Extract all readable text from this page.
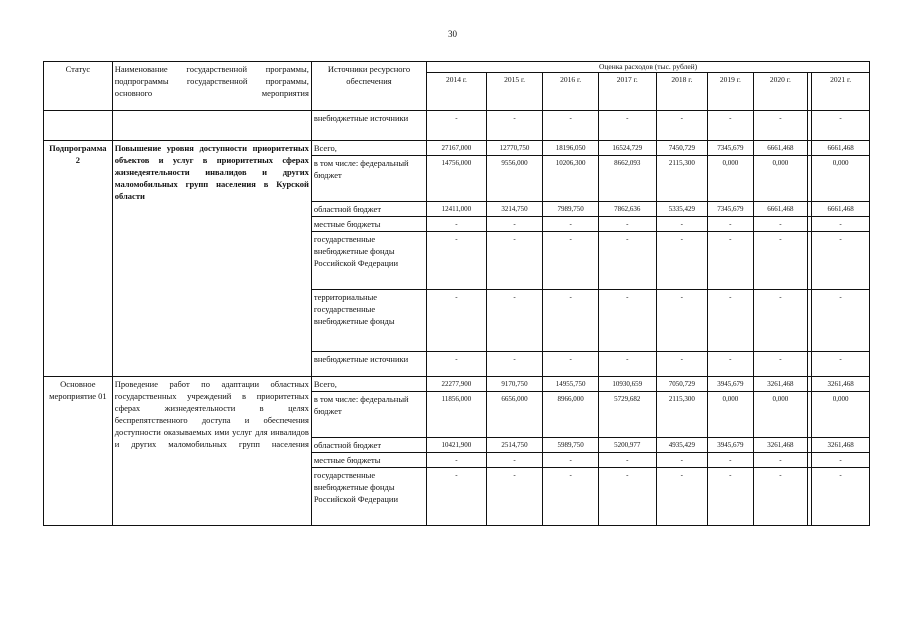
30
Статус	Наименование государственной программы, подпрограммы государственной программы, основного мероприятия	Источники ресурсного обеспечения	Оценка расходов (тыс. рублей)								
			2014 г.	2015 г.	2016 г.	2017 г.	2018 г.	2019 г.	2020 г.		2021 г.
		внебюджетные источники	-	-	-	-	-	-	-		-
Подпрограмма 2	Повышение уровня доступности приоритетных объектов и услуг в приоритетных сферах жизнедеятельности инвалидов и других маломобильных групп населения в Курской области	Всего,	27167,000	12770,750	18196,050	16524,729	7450,729	7345,679	6661,468		6661,468
		в том числе: федеральный бюджет	14756,000	9556,000	10206,300	8662,093	2115,300	0,000	0,000		0,000
		областной бюджет	12411,000	3214,750	7989,750	7862,636	5335,429	7345,679	6661,468		6661,468
		местные бюджеты	-	-	-	-	-	-	-		-
		государственные внебюджетные фонды Российской Федерации	-	-	-	-	-	-	-		-
		территориальные государственные внебюджетные фонды	-	-	-	-	-	-	-		-
		внебюджетные источники	-	-	-	-	-	-	-		-
Основное мероприятие 01	Проведение работ по адаптации областных государственных учреждений в приоритетных сферах жизнедеятельности в целях беспрепятственного доступа и обеспечения доступности оказываемых ими услуг для инвалидов и других маломобильных групп населения	Всего,	22277,900	9170,750	14955,750	10930,659	7050,729	3945,679	3261,468		3261,468
		в том числе: федеральный бюджет	11856,000	6656,000	8966,000	5729,682	2115,300	0,000	0,000		0,000
		областной бюджет	10421,900	2514,750	5989,750	5200,977	4935,429	3945,679	3261,468		3261,468
		местные бюджеты	-	-	-	-	-	-	-		-
		государственные внебюджетные фонды Российской Федерации	-	-	-	-	-	-	-		-
